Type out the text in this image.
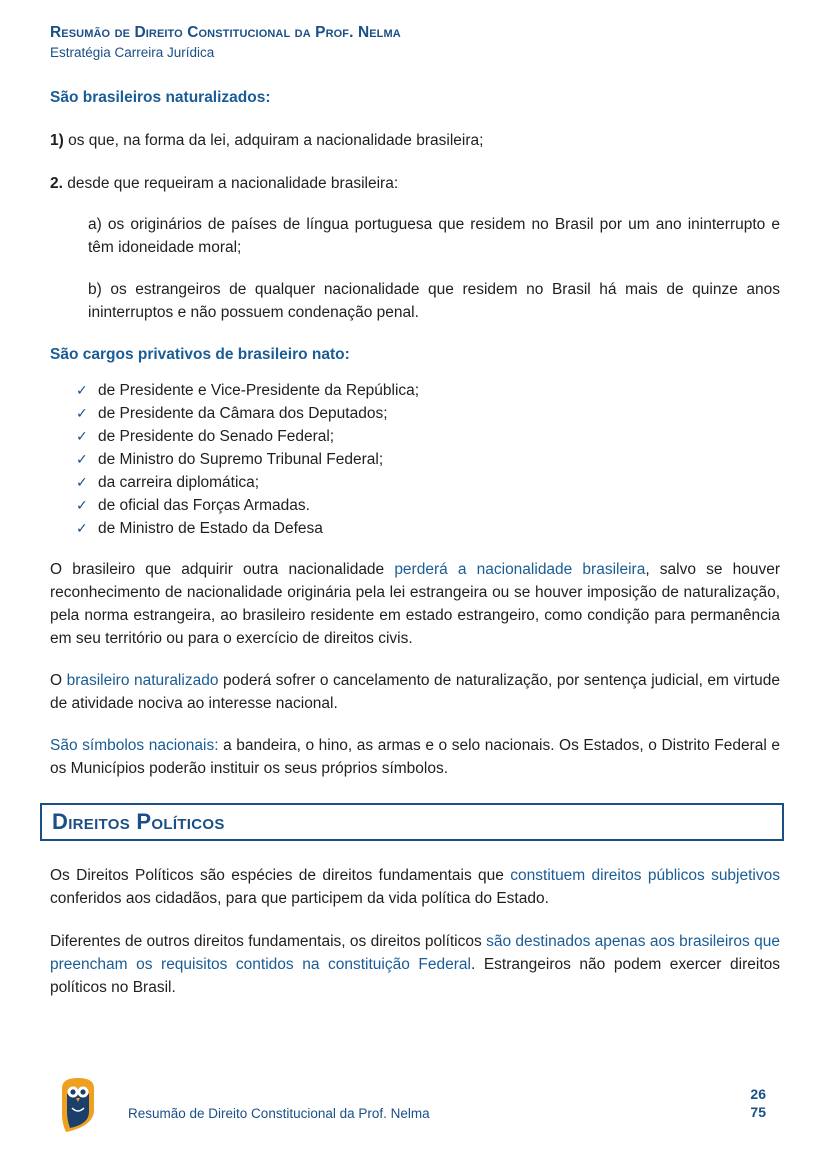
Resumão de Direito Constitucional da Prof. Nelma
Estratégia Carreira Jurídica

São brasileiros naturalizados:

1) os que, na forma da lei, adquiram a nacionalidade brasileira;

2. desde que requeiram a nacionalidade brasileira:

a) os originários de países de língua portuguesa que residem no Brasil por um ano ininterrupto e têm idoneidade moral;

b) os estrangeiros de qualquer nacionalidade que residem no Brasil há mais de quinze anos ininterruptos e não possuem condenação penal.

São cargos privativos de brasileiro nato:

✓ de Presidente e Vice-Presidente da República;
✓ de Presidente da Câmara dos Deputados;
✓ de Presidente do Senado Federal;
✓ de Ministro do Supremo Tribunal Federal;
✓ da carreira diplomática;
✓ de oficial das Forças Armadas.
✓ de Ministro de Estado da Defesa

O brasileiro que adquirir outra nacionalidade perderá a nacionalidade brasileira, salvo se houver reconhecimento de nacionalidade originária pela lei estrangeira ou se houver imposição de naturalização, pela norma estrangeira, ao brasileiro residente em estado estrangeiro, como condição para permanência em seu território ou para o exercício de direitos civis.

O brasileiro naturalizado poderá sofrer o cancelamento de naturalização, por sentença judicial, em virtude de atividade nociva ao interesse nacional.

São símbolos nacionais: a bandeira, o hino, as armas e o selo nacionais. Os Estados, o Distrito Federal e os Municípios poderão instituir os seus próprios símbolos.

Direitos Políticos

Os Direitos Políticos são espécies de direitos fundamentais que constituem direitos públicos subjetivos conferidos aos cidadãos, para que participem da vida política do Estado.

Diferentes de outros direitos fundamentais, os direitos políticos são destinados apenas aos brasileiros que preencham os requisitos contidos na constituição Federal. Estrangeiros não podem exercer direitos políticos no Brasil.

Resumão de Direito Constitucional da Prof. Nelma
26
75
